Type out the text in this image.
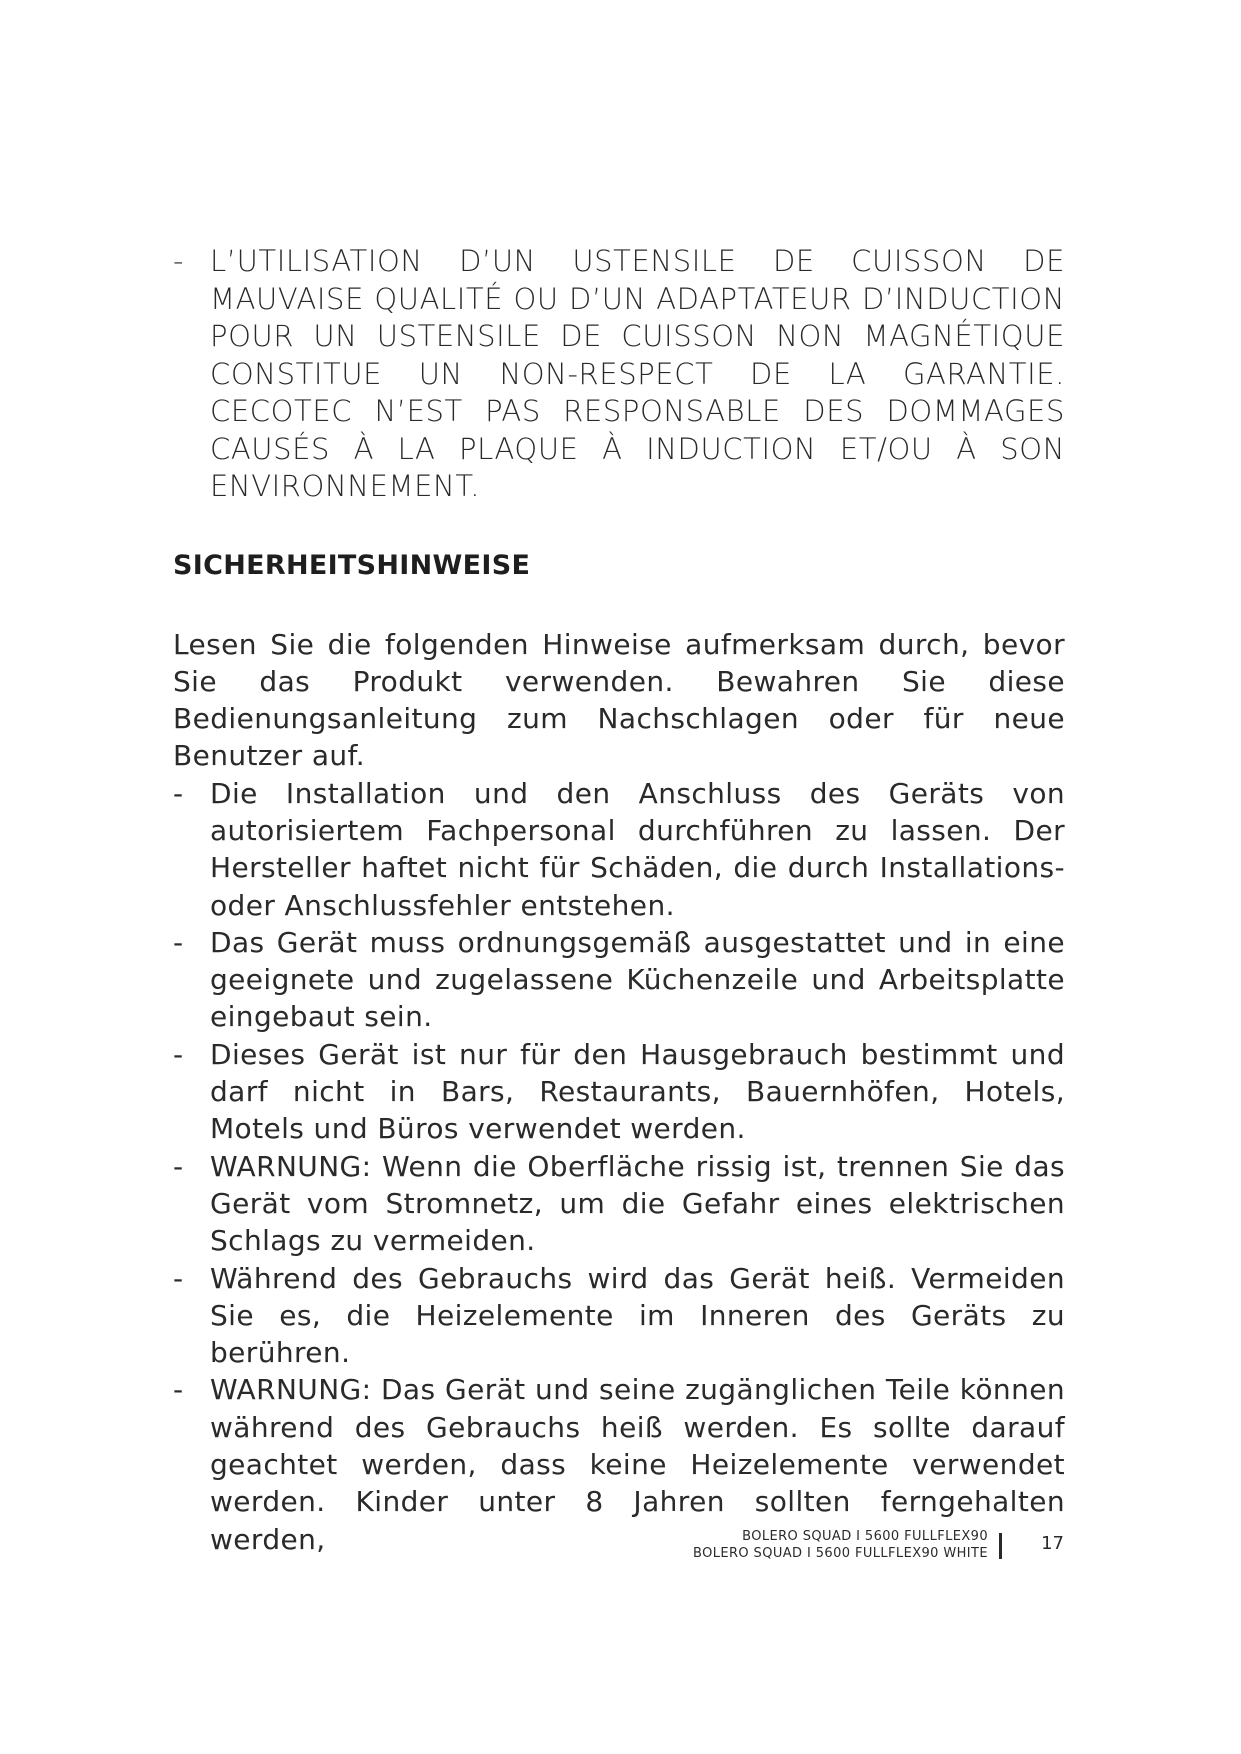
- L’UTILISATION D’UN USTENSILE DE CUISSON DE MAUVAISE QUALITÉ OU D’UN ADAPTATEUR D’INDUCTION POUR UN USTENSILE DE CUISSON NON MAGNÉTIQUE CONSTITUE UN NON-RESPECT DE LA GARANTIE. CECOTEC N’EST PAS RESPONSABLE DES DOMMAGES CAUSÉS À LA PLAQUE À INDUCTION ET/OU À SON ENVIRONNEMENT.
SICHERHEITSHINWEISE
Lesen Sie die folgenden Hinweise aufmerksam durch, bevor Sie das Produkt verwenden. Bewahren Sie diese Bedienungsanleitung zum Nachschlagen oder für neue Benutzer auf.
- Die Installation und den Anschluss des Geräts von autorisiertem Fachpersonal durchführen zu lassen. Der Hersteller haftet nicht für Schäden, die durch Installations- oder Anschlussfehler entstehen.
- Das Gerät muss ordnungsgemäß ausgestattet und in eine geeignete und zugelassene Küchenzeile und Arbeitsplatte eingebaut sein.
- Dieses Gerät ist nur für den Hausgebrauch bestimmt und darf nicht in Bars, Restaurants, Bauernhöfen, Hotels, Motels und Büros verwendet werden.
- WARNUNG: Wenn die Oberfläche rissig ist, trennen Sie das Gerät vom Stromnetz, um die Gefahr eines elektrischen Schlags zu vermeiden.
- Während des Gebrauchs wird das Gerät heiß. Vermeiden Sie es, die Heizelemente im Inneren des Geräts zu berühren.
- WARNUNG: Das Gerät und seine zugänglichen Teile können während des Gebrauchs heiß werden. Es sollte darauf geachtet werden, dass keine Heizelemente verwendet werden. Kinder unter 8 Jahren sollten ferngehalten werden,	BOLERO SQUAD I 5600 FULLFLEX90
BOLERO SQUAD I 5600 FULLFLEX90 WHITE	17
